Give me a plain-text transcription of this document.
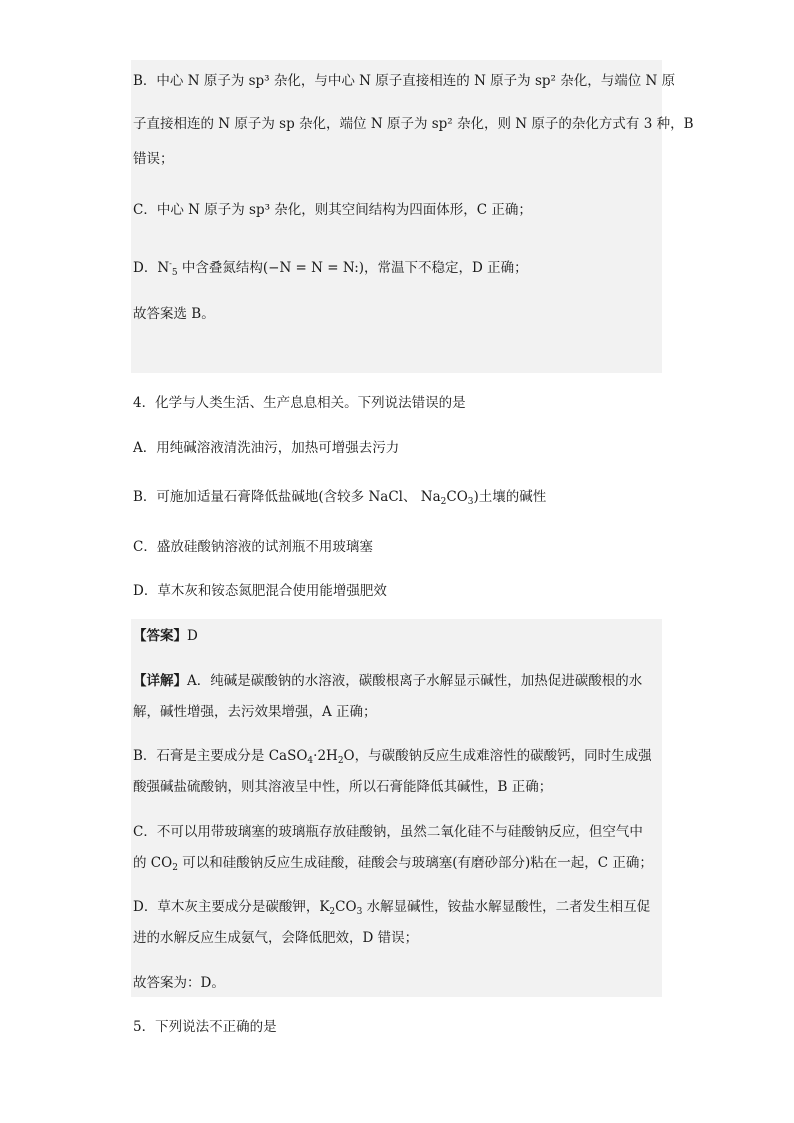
B．中心 N 原子为 sp³ 杂化，与中心 N 原子直接相连的 N 原子为 sp² 杂化，与端位 N 原
子直接相连的 N 原子为 sp 杂化，端位 N 原子为 sp² 杂化，则 N 原子的杂化方式有 3 种，B
错误；
C．中心 N 原子为 sp³ 杂化，则其空间结构为四面体形，C 正确；
D．$N^-_5$ 中含叠氮结构(−N = N = N:)，常温下不稳定，D 正确；
故答案选 B。
4．化学与人类生活、生产息息相关。下列说法错误的是
A．用纯碱溶液清洗油污，加热可增强去污力
B．可施加适量石膏降低盐碱地(含较多 NaCl、 $Na_2CO_3$)土壤的碱性
C．盛放硅酸钠溶液的试剂瓶不用玻璃塞
D．草木灰和铵态氮肥混合使用能增强肥效
【答案】D
【详解】A．纯碱是碳酸钠的水溶液，碳酸根离子水解显示碱性，加热促进碳酸根的水
解，碱性增强，去污效果增强，A 正确；
B．石膏是主要成分是 $CaSO_4\cdot 2H_2O$，与碳酸钠反应生成难溶性的碳酸钙，同时生成强
酸强碱盐硫酸钠，则其溶液呈中性，所以石膏能降低其碱性，B 正确；
C．不可以用带玻璃塞的玻璃瓶存放硅酸钠，虽然二氧化硅不与硅酸钠反应，但空气中
的 $CO_2$ 可以和硅酸钠反应生成硅酸，硅酸会与玻璃塞(有磨砂部分)粘在一起，C 正确；
D．草木灰主要成分是碳酸钾，$K_2CO_3$ 水解显碱性，铵盐水解显酸性，二者发生相互促
进的水解反应生成氨气，会降低肥效，D 错误；
故答案为：D。
5．下列说法不正确的是
